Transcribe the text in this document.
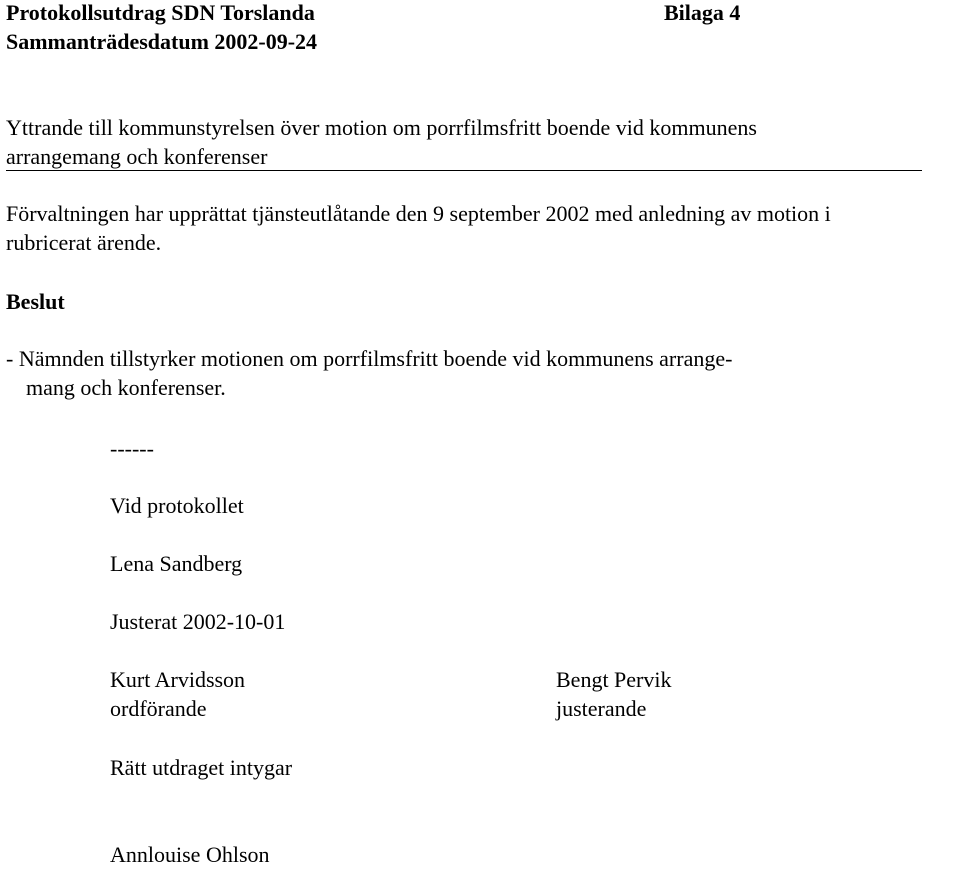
Protokollsutdrag SDN Torslanda
Sammanträdesdatum 2002-09-24
Bilaga 4
Yttrande till kommunstyrelsen över motion om porrfilmsfritt boende vid kommunens
arrangemang och konferenser
Förvaltningen har upprättat tjänsteutlåtande den 9 september 2002 med anledning av motion i
rubricerat ärende.
Beslut
- Nämnden tillstyrker motionen om porrfilmsfritt boende vid kommunens arrange-
mang och konferenser.
------
Vid protokollet
Lena Sandberg
Justerat 2002-10-01
Kurt Arvidsson
ordförande
Bengt Pervik
justerande
Rätt utdraget intygar
Annlouise Ohlson
